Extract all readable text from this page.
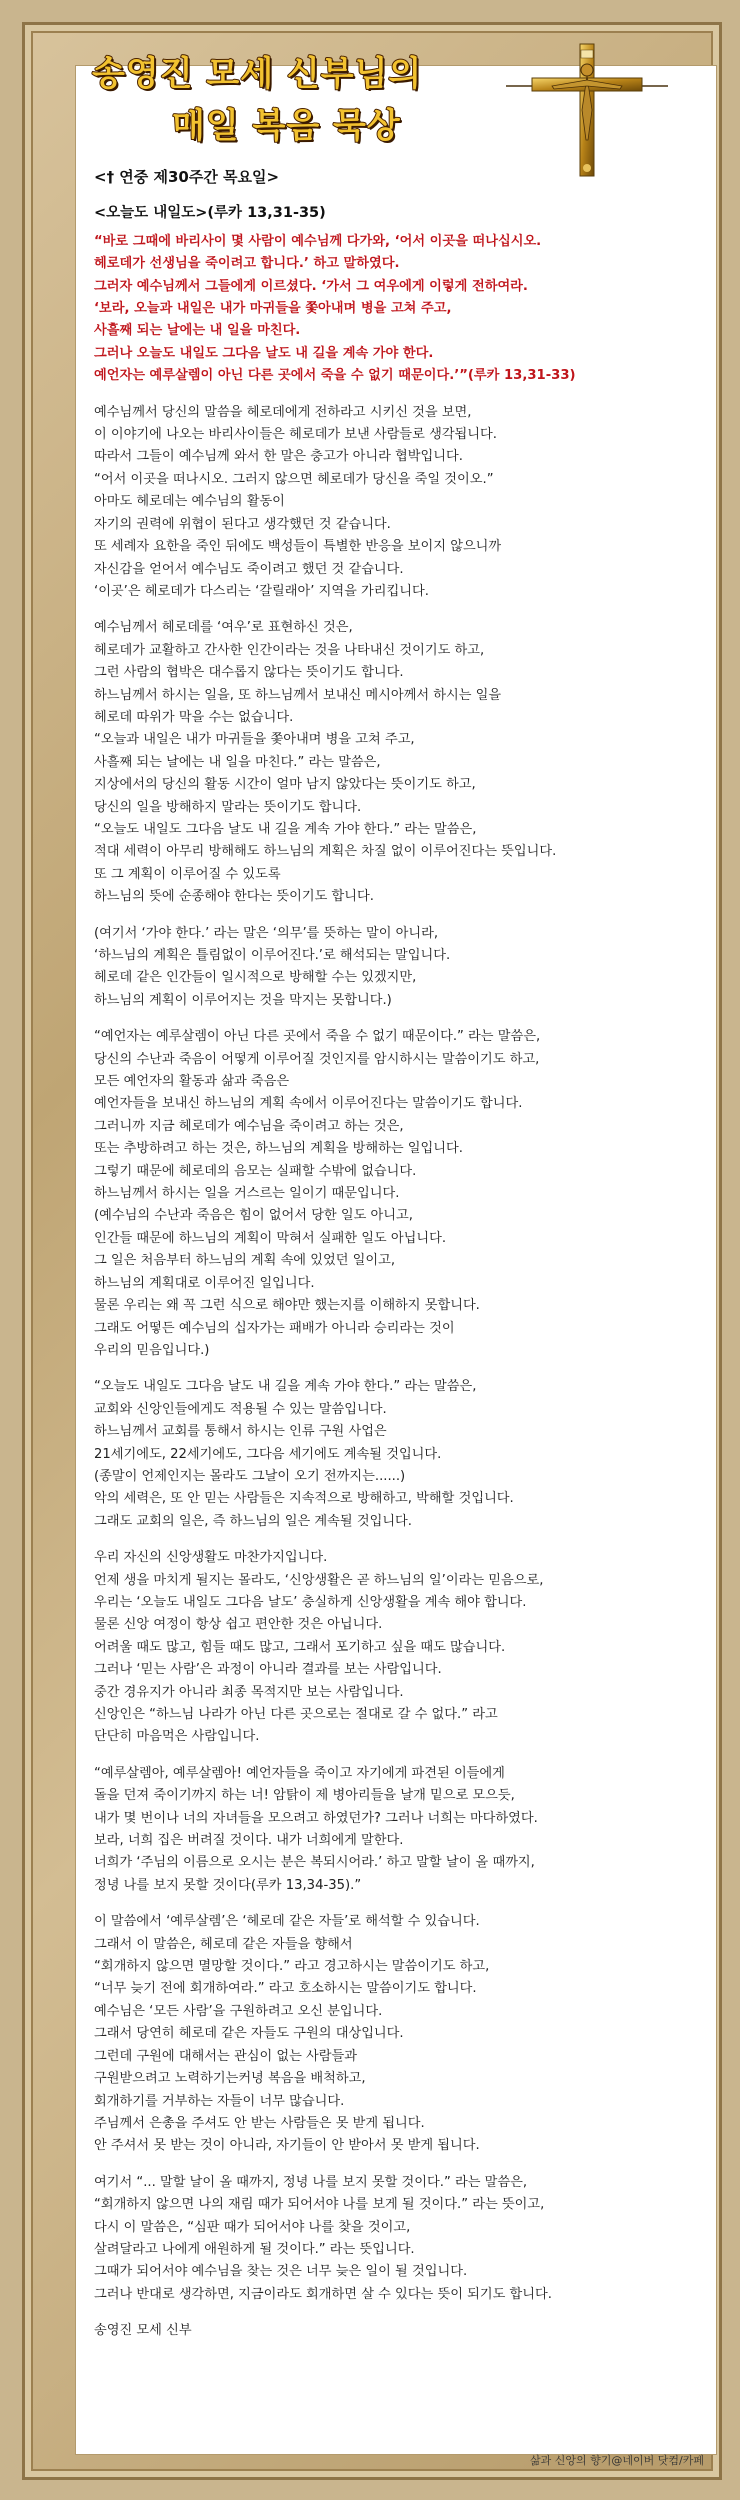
송영진 모세 신부님의
매일 복음 묵상

<† 연중 제30주간 목요일>

<오늘도 내일도>(루카 13,31-35)

“바로 그때에 바리사이 몇 사람이 예수님께 다가와, ‘어서 이곳을 떠나십시오.
헤로데가 선생님을 죽이려고 합니다.’ 하고 말하였다.
그러자 예수님께서 그들에게 이르셨다. ‘가서 그 여우에게 이렇게 전하여라.
‘보라, 오늘과 내일은 내가 마귀들을 쫓아내며 병을 고쳐 주고,
사흘째 되는 날에는 내 일을 마친다.
그러나 오늘도 내일도 그다음 날도 내 길을 계속 가야 한다.
예언자는 예루살렘이 아닌 다른 곳에서 죽을 수 없기 때문이다.’”(루카 13,31-33)

예수님께서 당신의 말씀을 헤로데에게 전하라고 시키신 것을 보면,
이 이야기에 나오는 바리사이들은 헤로데가 보낸 사람들로 생각됩니다.
따라서 그들이 예수님께 와서 한 말은 충고가 아니라 협박입니다.
“어서 이곳을 떠나시오. 그러지 않으면 헤로데가 당신을 죽일 것이오.”
아마도 헤로데는 예수님의 활동이
자기의 권력에 위협이 된다고 생각했던 것 같습니다.
또 세례자 요한을 죽인 뒤에도 백성들이 특별한 반응을 보이지 않으니까
자신감을 얻어서 예수님도 죽이려고 했던 것 같습니다.
‘이곳’은 헤로데가 다스리는 ‘갈릴래아’ 지역을 가리킵니다.

예수님께서 헤로데를 ‘여우’로 표현하신 것은,
헤로데가 교활하고 간사한 인간이라는 것을 나타내신 것이기도 하고,
그런 사람의 협박은 대수롭지 않다는 뜻이기도 합니다.
하느님께서 하시는 일을, 또 하느님께서 보내신 메시아께서 하시는 일을
헤로데 따위가 막을 수는 없습니다.
“오늘과 내일은 내가 마귀들을 쫓아내며 병을 고쳐 주고,
사흘째 되는 날에는 내 일을 마친다.” 라는 말씀은,
지상에서의 당신의 활동 시간이 얼마 남지 않았다는 뜻이기도 하고,
당신의 일을 방해하지 말라는 뜻이기도 합니다.
“오늘도 내일도 그다음 날도 내 길을 계속 가야 한다.” 라는 말씀은,
적대 세력이 아무리 방해해도 하느님의 계획은 차질 없이 이루어진다는 뜻입니다.
또 그 계획이 이루어질 수 있도록
하느님의 뜻에 순종해야 한다는 뜻이기도 합니다.

(여기서 ‘가야 한다.’ 라는 말은 ‘의무’를 뜻하는 말이 아니라,
‘하느님의 계획은 틀림없이 이루어진다.’로 해석되는 말입니다.
헤로데 같은 인간들이 일시적으로 방해할 수는 있겠지만,
하느님의 계획이 이루어지는 것을 막지는 못합니다.)

“예언자는 예루살렘이 아닌 다른 곳에서 죽을 수 없기 때문이다.” 라는 말씀은,
당신의 수난과 죽음이 어떻게 이루어질 것인지를 암시하시는 말씀이기도 하고,
모든 예언자의 활동과 삶과 죽음은
예언자들을 보내신 하느님의 계획 속에서 이루어진다는 말씀이기도 합니다.
그러니까 지금 헤로데가 예수님을 죽이려고 하는 것은,
또는 추방하려고 하는 것은, 하느님의 계획을 방해하는 일입니다.
그렇기 때문에 헤로데의 음모는 실패할 수밖에 없습니다.
하느님께서 하시는 일을 거스르는 일이기 때문입니다.
(예수님의 수난과 죽음은 힘이 없어서 당한 일도 아니고,
인간들 때문에 하느님의 계획이 막혀서 실패한 일도 아닙니다.
그 일은 처음부터 하느님의 계획 속에 있었던 일이고,
하느님의 계획대로 이루어진 일입니다.
물론 우리는 왜 꼭 그런 식으로 해야만 했는지를 이해하지 못합니다.
그래도 어떻든 예수님의 십자가는 패배가 아니라 승리라는 것이
우리의 믿음입니다.)

“오늘도 내일도 그다음 날도 내 길을 계속 가야 한다.” 라는 말씀은,
교회와 신앙인들에게도 적용될 수 있는 말씀입니다.
하느님께서 교회를 통해서 하시는 인류 구원 사업은
21세기에도, 22세기에도, 그다음 세기에도 계속될 것입니다.
(종말이 언제인지는 몰라도 그날이 오기 전까지는......)
악의 세력은, 또 안 믿는 사람들은 지속적으로 방해하고, 박해할 것입니다.
그래도 교회의 일은, 즉 하느님의 일은 계속될 것입니다.

우리 자신의 신앙생활도 마찬가지입니다.
언제 생을 마치게 될지는 몰라도, ‘신앙생활은 곧 하느님의 일’이라는 믿음으로,
우리는 ‘오늘도 내일도 그다음 날도’ 충실하게 신앙생활을 계속 해야 합니다.
물론 신앙 여정이 항상 쉽고 편안한 것은 아닙니다.
어려울 때도 많고, 힘들 때도 많고, 그래서 포기하고 싶을 때도 많습니다.
그러나 ‘믿는 사람’은 과정이 아니라 결과를 보는 사람입니다.
중간 경유지가 아니라 최종 목적지만 보는 사람입니다.
신앙인은 “하느님 나라가 아닌 다른 곳으로는 절대로 갈 수 없다.” 라고
단단히 마음먹은 사람입니다.

“예루살렘아, 예루살렘아! 예언자들을 죽이고 자기에게 파견된 이들에게
돌을 던져 죽이기까지 하는 너! 암탉이 제 병아리들을 날개 밑으로 모으듯,
내가 몇 번이나 너의 자녀들을 모으려고 하였던가? 그러나 너희는 마다하였다.
보라, 너희 집은 버려질 것이다. 내가 너희에게 말한다.
너희가 ‘주님의 이름으로 오시는 분은 복되시어라.’ 하고 말할 날이 올 때까지,
정녕 나를 보지 못할 것이다(루카 13,34-35).”

이 말씀에서 ‘예루살렘’은 ‘헤로데 같은 자들’로 해석할 수 있습니다.
그래서 이 말씀은, 헤로데 같은 자들을 향해서
“회개하지 않으면 멸망할 것이다.” 라고 경고하시는 말씀이기도 하고,
“너무 늦기 전에 회개하여라.” 라고 호소하시는 말씀이기도 합니다.
예수님은 ‘모든 사람’을 구원하려고 오신 분입니다.
그래서 당연히 헤로데 같은 자들도 구원의 대상입니다.
그런데 구원에 대해서는 관심이 없는 사람들과
구원받으려고 노력하기는커녕 복음을 배척하고,
회개하기를 거부하는 자들이 너무 많습니다.
주님께서 은총을 주셔도 안 받는 사람들은 못 받게 됩니다.
안 주셔서 못 받는 것이 아니라, 자기들이 안 받아서 못 받게 됩니다.

여기서 “... 말할 날이 올 때까지, 정녕 나를 보지 못할 것이다.” 라는 말씀은,
“회개하지 않으면 나의 재림 때가 되어서야 나를 보게 될 것이다.” 라는 뜻이고,
다시 이 말씀은, “심판 때가 되어서야 나를 찾을 것이고,
살려달라고 나에게 애원하게 될 것이다.” 라는 뜻입니다.
그때가 되어서야 예수님을 찾는 것은 너무 늦은 일이 될 것입니다.
그러나 반대로 생각하면, 지금이라도 회개하면 살 수 있다는 뜻이 되기도 합니다.

송영진 모세 신부

삶과 신앙의 향기@네이버 닷컴/카페
